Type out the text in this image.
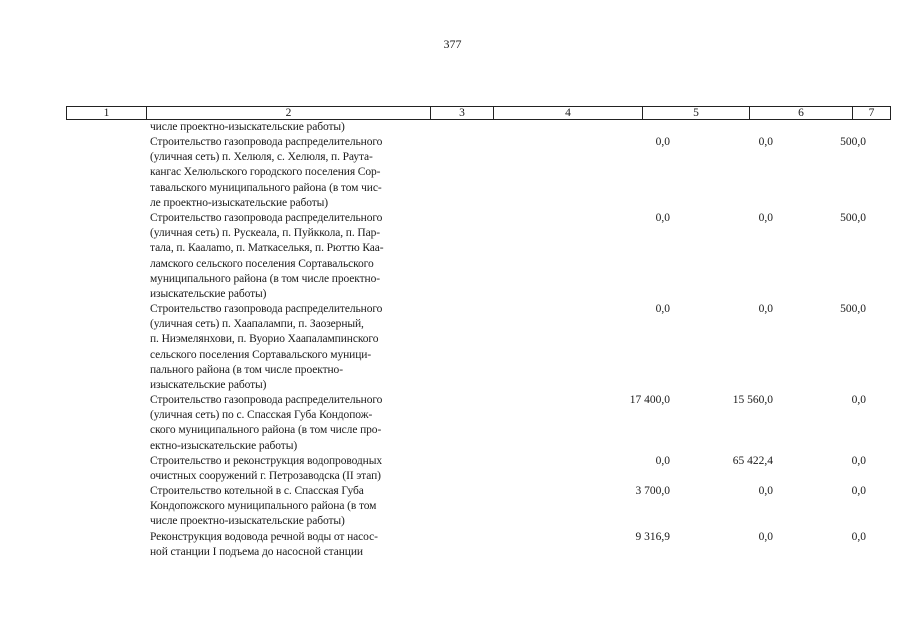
377
1	2	3	4	5	6	7
числе проектно-изыскательские работы)
Строительство газопровода распределительного
(уличная сеть) п. Хелюля, с. Хелюля, п. Раута-
кангас Хелюльского городского поселения Сор-
тавальского муниципального района (в том чис-
ле проектно-изыскательские работы)
0,0	0,0	500,0
Строительство газопровода распределительного
(уличная сеть) п. Рускеала, п. Пуйккола, п. Пар-
тала, п. Каалamo, п. Маткаселькя, п. Рюттю Каа-
ламского сельского поселения Сортавальского
муниципального района (в том числе проектно-
изыскательские работы)
0,0	0,0	500,0
Строительство газопровода распределительного
(уличная сеть) п. Хаапалампи, п. Заозерный,
п. Ниэмелянхови, п. Вуорио Хаапалампинского
сельского поселения Сортавальского муници-
пального района (в том числе проектно-
изыскательские работы)
0,0	0,0	500,0
Строительство газопровода распределительного
(уличная сеть) по с. Спасская Губа Кондопож-
ского муниципального района (в том числе про-
ектно-изыскательские работы)
17 400,0	15 560,0	0,0
Строительство и реконструкция водопроводных
очистных сооружений г. Петрозаводска (II этап)
0,0	65 422,4	0,0
Строительство котельной в с. Спасская Губа
Кондопожского муниципального района (в том
числе проектно-изыскательские работы)
3 700,0	0,0	0,0
Реконструкция водовода речной воды от насос-
ной станции I подъема до насосной станции
9 316,9	0,0	0,0
